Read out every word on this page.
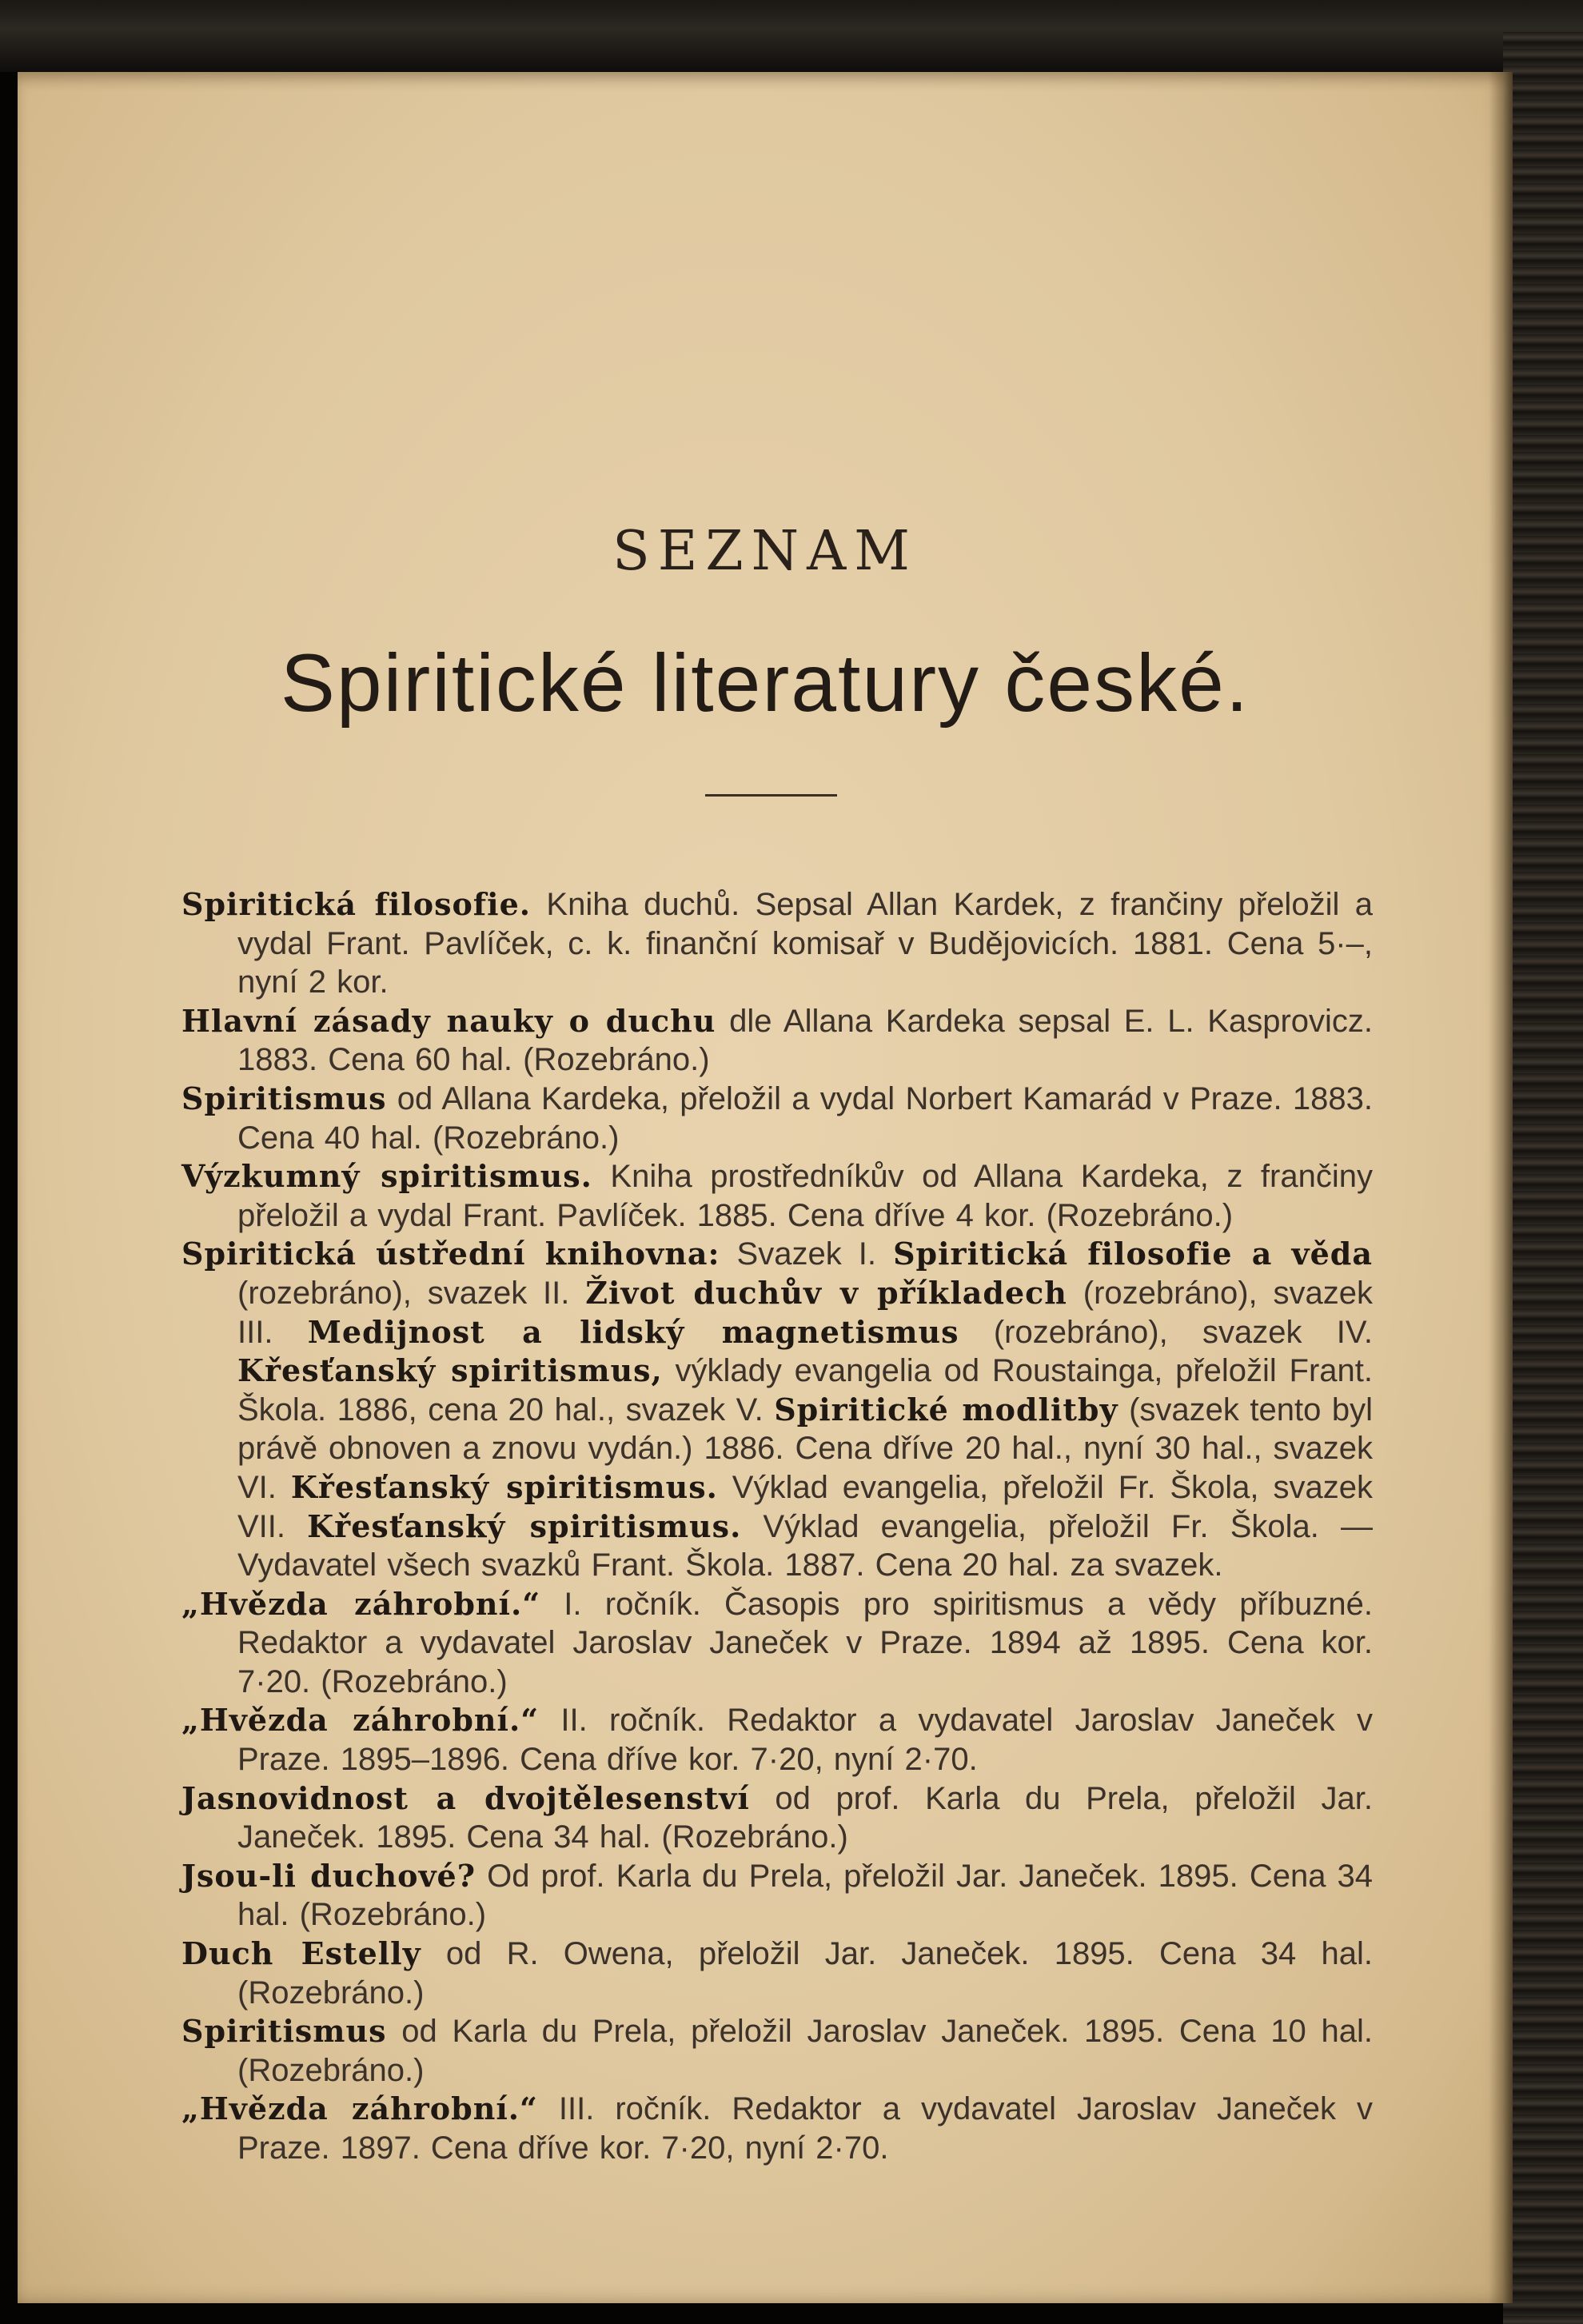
SEZNAM
Spiritické literatury české.

Spiritická filosofie. Kniha duchů. Sepsal Allan Kardek, z frančiny přeložil a vydal Frant. Pavlíček, c. k. finanční komisař v Budějovicích. 1881. Cena 5·–, nyní 2 kor.

Hlavní zásady nauky o duchu dle Allana Kardeka sepsal E. L. Kasprovicz. 1883. Cena 60 hal. (Rozebráno.)

Spiritismus od Allana Kardeka, přeložil a vydal Norbert Kamarád v Praze. 1883. Cena 40 hal. (Rozebráno.)

Výzkumný spiritismus. Kniha prostředníkův od Allana Kardeka, z frančiny přeložil a vydal Frant. Pavlíček. 1885. Cena dříve 4 kor. (Rozebráno.)

Spiritická ústřední knihovna: Svazek I. Spiritická filosofie a věda (rozebráno), svazek II. Život duchův v příkladech (rozebráno), svazek III. Medijnost a lidský magnetismus (rozebráno), svazek IV. Křesťanský spiritismus, výklady evangelia od Roustainga, přeložil Frant. Škola. 1886, cena 20 hal., svazek V. Spiritické modlitby (svazek tento byl právě obnoven a znovu vydán.) 1886. Cena dříve 20 hal., nyní 30 hal., svazek VI. Křesťanský spiritismus. Výklad evangelia, přeložil Fr. Škola, svazek VII. Křesťanský spiritismus. Výklad evangelia, přeložil Fr. Škola. — Vydavatel všech svazků Frant. Škola. 1887. Cena 20 hal. za svazek.

„Hvězda záhrobní.“ I. ročník. Časopis pro spiritismus a vědy příbuzné. Redaktor a vydavatel Jaroslav Janeček v Praze. 1894 až 1895. Cena kor. 7·20. (Rozebráno.)

„Hvězda záhrobní.“ II. ročník. Redaktor a vydavatel Jaroslav Janeček v Praze. 1895–1896. Cena dříve kor. 7·20, nyní 2·70.

Jasnovidnost a dvojtělesenství od prof. Karla du Prela, přeložil Jar. Janeček. 1895. Cena 34 hal. (Rozebráno.)

Jsou-li duchové? Od prof. Karla du Prela, přeložil Jar. Janeček. 1895. Cena 34 hal. (Rozebráno.)

Duch Estelly od R. Owena, přeložil Jar. Janeček. 1895. Cena 34 hal. (Rozebráno.)

Spiritismus od Karla du Prela, přeložil Jaroslav Janeček. 1895. Cena 10 hal. (Rozebráno.)

„Hvězda záhrobní.“ III. ročník. Redaktor a vydavatel Jaroslav Janeček v Praze. 1897. Cena dříve kor. 7·20, nyní 2·70.
